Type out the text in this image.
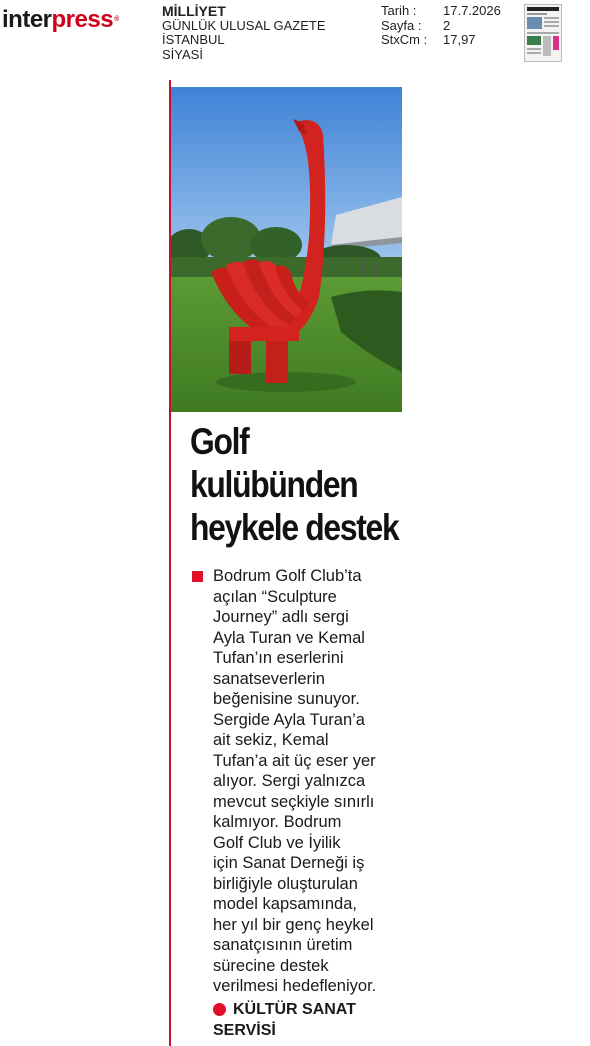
interpress®
MİLLİYET
GÜNLÜK ULUSAL GAZETE
İSTANBUL
SİYASİ
Tarih :	17.7.2026
Sayfa :	2
StxCm :	17,97
Golf
kulübünden
heykele destek
Bodrum Golf Club’ta
açılan “Sculpture
Journey” adlı sergi
Ayla Turan ve Kemal
Tufan’ın eserlerini
sanatseverlerin
beğenisine sunuyor.
Sergide Ayla Turan’a
ait sekiz, Kemal
Tufan’a ait üç eser yer
alıyor. Sergi yalnızca
mevcut seçkiyle sınırlı
kalmıyor. Bodrum
Golf Club ve İyilik
için Sanat Derneği iş
birliğiyle oluşturulan
model kapsamında,
her yıl bir genç heykel
sanatçısının üretim
sürecine destek
verilmesi hedefleniyor.
KÜLTÜR SANAT
SERVİSİ
